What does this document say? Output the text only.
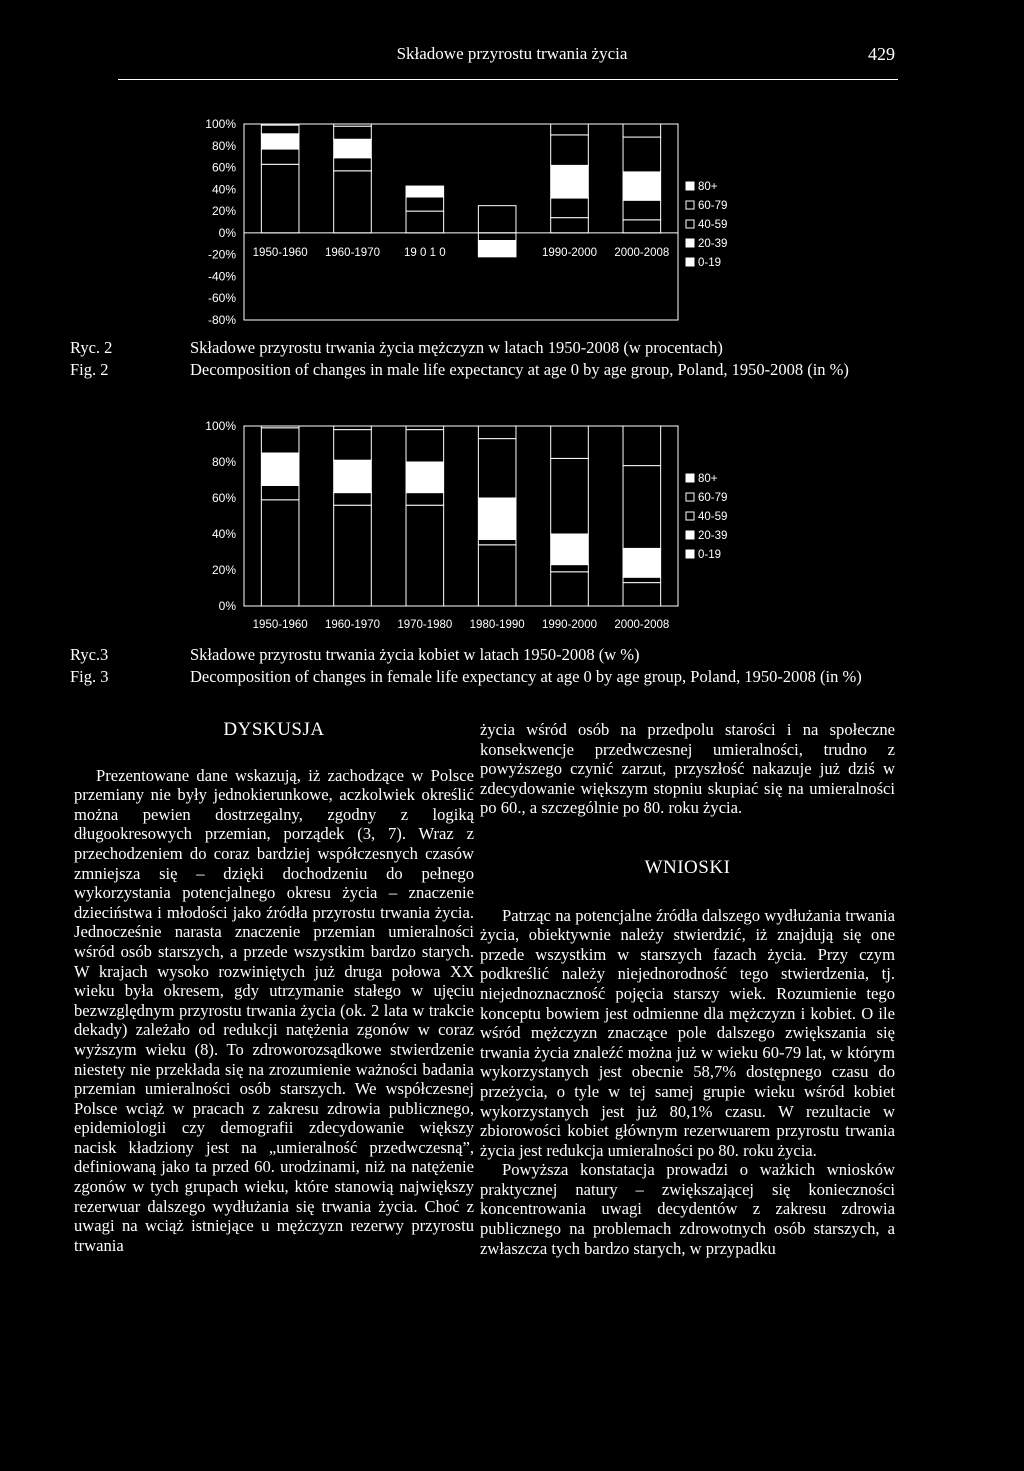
Składowe przyrostu trwania życia	429
100%
80%
60%
40%
20%
0%
-20%
-40%
-60%
-80%
1950-1960 1960-1970 19 0 1 0	19 0-1 1990-2000 2000-2008
80+
60-79
40-59
20-39
0-19
Ryc. 2	Składowe przyrostu trwania życia mężczyzn w latach 1950-2008 (w procentach)
Fig. 2	Decomposition of changes in male life expectancy at age 0 by age group, Poland, 1950-2008 (in %)
100%
80%
60%
40%
20%
0%
1950-1960 1960-1970 1970-1980 1980-1990 1990-2000 2000-2008
80+
60-79
40-59
20-39
0-19
Ryc.3	Składowe przyrostu trwania życia kobiet w latach 1950-2008 (w %)
Fig. 3	Decomposition of changes in female life expectancy at age 0 by age group, Poland, 1950-2008 (in %)

DYSKUSJA

Prezentowane dane wskazują, iż zachodzące w Polsce przemiany nie były jednokierunkowe, aczkolwiek określić można pewien dostrzegalny, zgodny z logiką długookresowych przemian, porządek (3, 7). Wraz z przechodzeniem do coraz bardziej współczesnych czasów zmniejsza się – dzięki dochodzeniu do pełnego wykorzystania potencjalnego okresu życia – znaczenie dzieciństwa i młodości jako źródła przyrostu trwania życia. Jednocześnie narasta znaczenie przemian umieralności wśród osób starszych, a przede wszystkim bardzo starych. W krajach wysoko rozwiniętych już druga połowa XX wieku była okresem, gdy utrzymanie stałego w ujęciu bezwzględnym przyrostu trwania życia (ok. 2 lata w trakcie dekady) zależało od redukcji natężenia zgonów w coraz wyższym wieku (8). To zdroworozsądkowe stwierdzenie niestety nie przekłada się na zrozumienie ważności badania przemian umieralności osób starszych. We współczesnej Polsce wciąż w pracach z zakresu zdrowia publicznego, epidemiologii czy demografii zdecydowanie większy nacisk kładziony jest na „umieralność przedwczesną”, definiowaną jako ta przed 60. urodzinami, niż na natężenie zgonów w tych grupach wieku, które stanowią największy rezerwuar dalszego wydłużania się trwania życia. Choć z uwagi na wciąż istniejące u mężczyzn rezerwy przyrostu trwania

życia wśród osób na przedpolu starości i na społeczne konsekwencje przedwczesnej umieralności, trudno z powyższego czynić zarzut, przyszłość nakazuje już dziś w zdecydowanie większym stopniu skupiać się na umieralności po 60., a szczególnie po 80. roku życia.

WNIOSKI

Patrząc na potencjalne źródła dalszego wydłużania trwania życia, obiektywnie należy stwierdzić, iż znajdują się one przede wszystkim w starszych fazach życia. Przy czym podkreślić należy niejednorodność tego stwierdzenia, tj. niejednoznaczność pojęcia starszy wiek. Rozumienie tego konceptu bowiem jest odmienne dla mężczyzn i kobiet. O ile wśród mężczyzn znaczące pole dalszego zwiększania się trwania życia znaleźć można już w wieku 60-79 lat, w którym wykorzystanych jest obecnie 58,7% dostępnego czasu do przeżycia, o tyle w tej samej grupie wieku wśród kobiet wykorzystanych jest już 80,1% czasu. W rezultacie w zbiorowości kobiet głównym rezerwuarem przyrostu trwania życia jest redukcja umieralności po 80. roku życia.

Powyższa konstatacja prowadzi o ważkich wniosków praktycznej natury – zwiększającej się konieczności koncentrowania uwagi decydentów z zakresu zdrowia publicznego na problemach zdrowotnych osób starszych, a zwłaszcza tych bardzo starych, w przypadku
